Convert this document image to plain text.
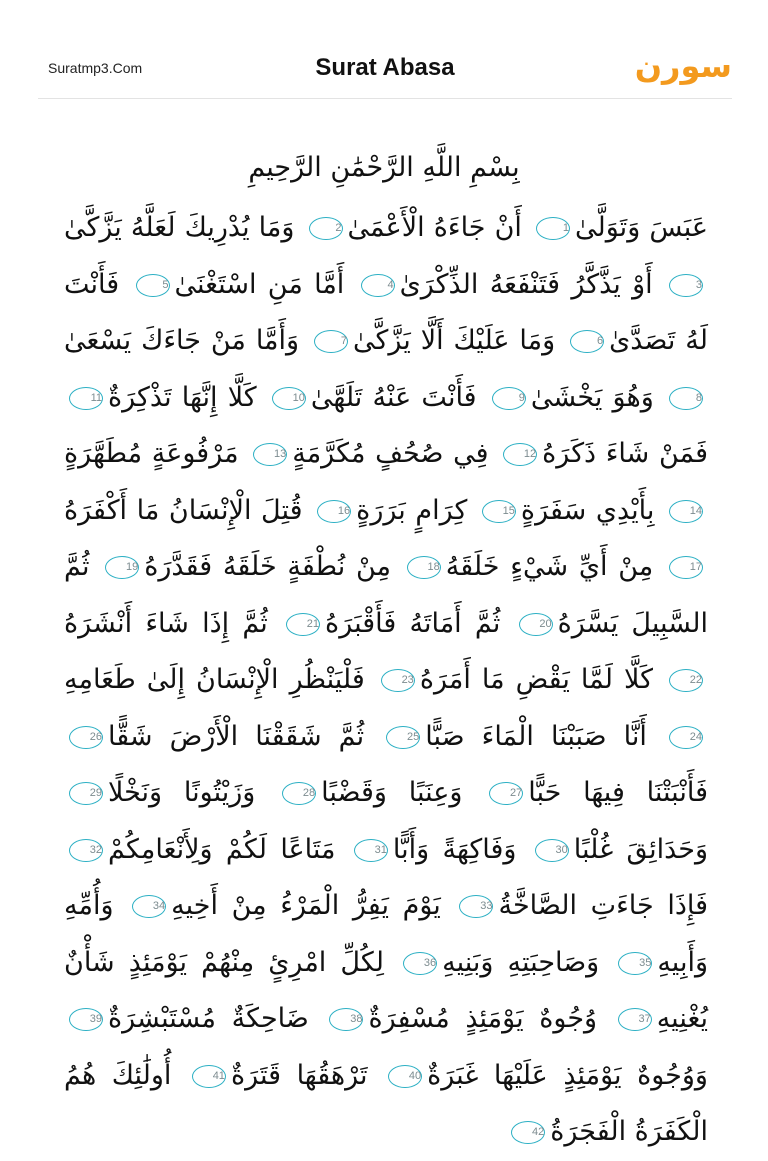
Suratmp3.Com	Surat Abasa	سورن
بِسْمِ اللَّهِ الرَّحْمَٰنِ الرَّحِيمِ
عَبَسَ وَتَوَلَّىٰ1 أَنْ جَاءَهُ الْأَعْمَىٰ2 وَمَا يُدْرِيكَ لَعَلَّهُ يَزَّكَّىٰ3 أَوْ يَذَّكَّرُ فَتَنْفَعَهُ الذِّكْرَىٰ4 أَمَّا مَنِ اسْتَغْنَىٰ5 فَأَنْتَ لَهُ تَصَدَّىٰ6 وَمَا عَلَيْكَ أَلَّا يَزَّكَّىٰ7 وَأَمَّا مَنْ جَاءَكَ يَسْعَىٰ8 وَهُوَ يَخْشَىٰ9 فَأَنْتَ عَنْهُ تَلَهَّىٰ10 كَلَّا إِنَّهَا تَذْكِرَةٌ11 فَمَنْ شَاءَ ذَكَرَهُ12 فِي صُحُفٍ مُكَرَّمَةٍ13 مَرْفُوعَةٍ مُطَهَّرَةٍ14 بِأَيْدِي سَفَرَةٍ15 كِرَامٍ بَرَرَةٍ16 قُتِلَ الْإِنْسَانُ مَا أَكْفَرَهُ17 مِنْ أَيِّ شَيْءٍ خَلَقَهُ18 مِنْ نُطْفَةٍ خَلَقَهُ فَقَدَّرَهُ19 ثُمَّ السَّبِيلَ يَسَّرَهُ20 ثُمَّ أَمَاتَهُ فَأَقْبَرَهُ21 ثُمَّ إِذَا شَاءَ أَنْشَرَهُ22 كَلَّا لَمَّا يَقْضِ مَا أَمَرَهُ23 فَلْيَنْظُرِ الْإِنْسَانُ إِلَىٰ طَعَامِهِ24 أَنَّا صَبَبْنَا الْمَاءَ صَبًّا25 ثُمَّ شَقَقْنَا الْأَرْضَ شَقًّا26 فَأَنْبَتْنَا فِيهَا حَبًّا27 وَعِنَبًا وَقَضْبًا28 وَزَيْتُونًا وَنَخْلًا29 وَحَدَائِقَ غُلْبًا30 وَفَاكِهَةً وَأَبًّا31 مَتَاعًا لَكُمْ وَلِأَنْعَامِكُمْ32 فَإِذَا جَاءَتِ الصَّاخَّةُ33 يَوْمَ يَفِرُّ الْمَرْءُ مِنْ أَخِيهِ34 وَأُمِّهِ وَأَبِيهِ35 وَصَاحِبَتِهِ وَبَنِيهِ36 لِكُلِّ امْرِئٍ مِنْهُمْ يَوْمَئِذٍ شَأْنٌ يُغْنِيهِ37 وُجُوهٌ يَوْمَئِذٍ مُسْفِرَةٌ38 ضَاحِكَةٌ مُسْتَبْشِرَةٌ39 وَوُجُوهٌ يَوْمَئِذٍ عَلَيْهَا غَبَرَةٌ40 تَرْهَقُهَا قَتَرَةٌ41 أُولَٰئِكَ هُمُ الْكَفَرَةُ الْفَجَرَةُ42
